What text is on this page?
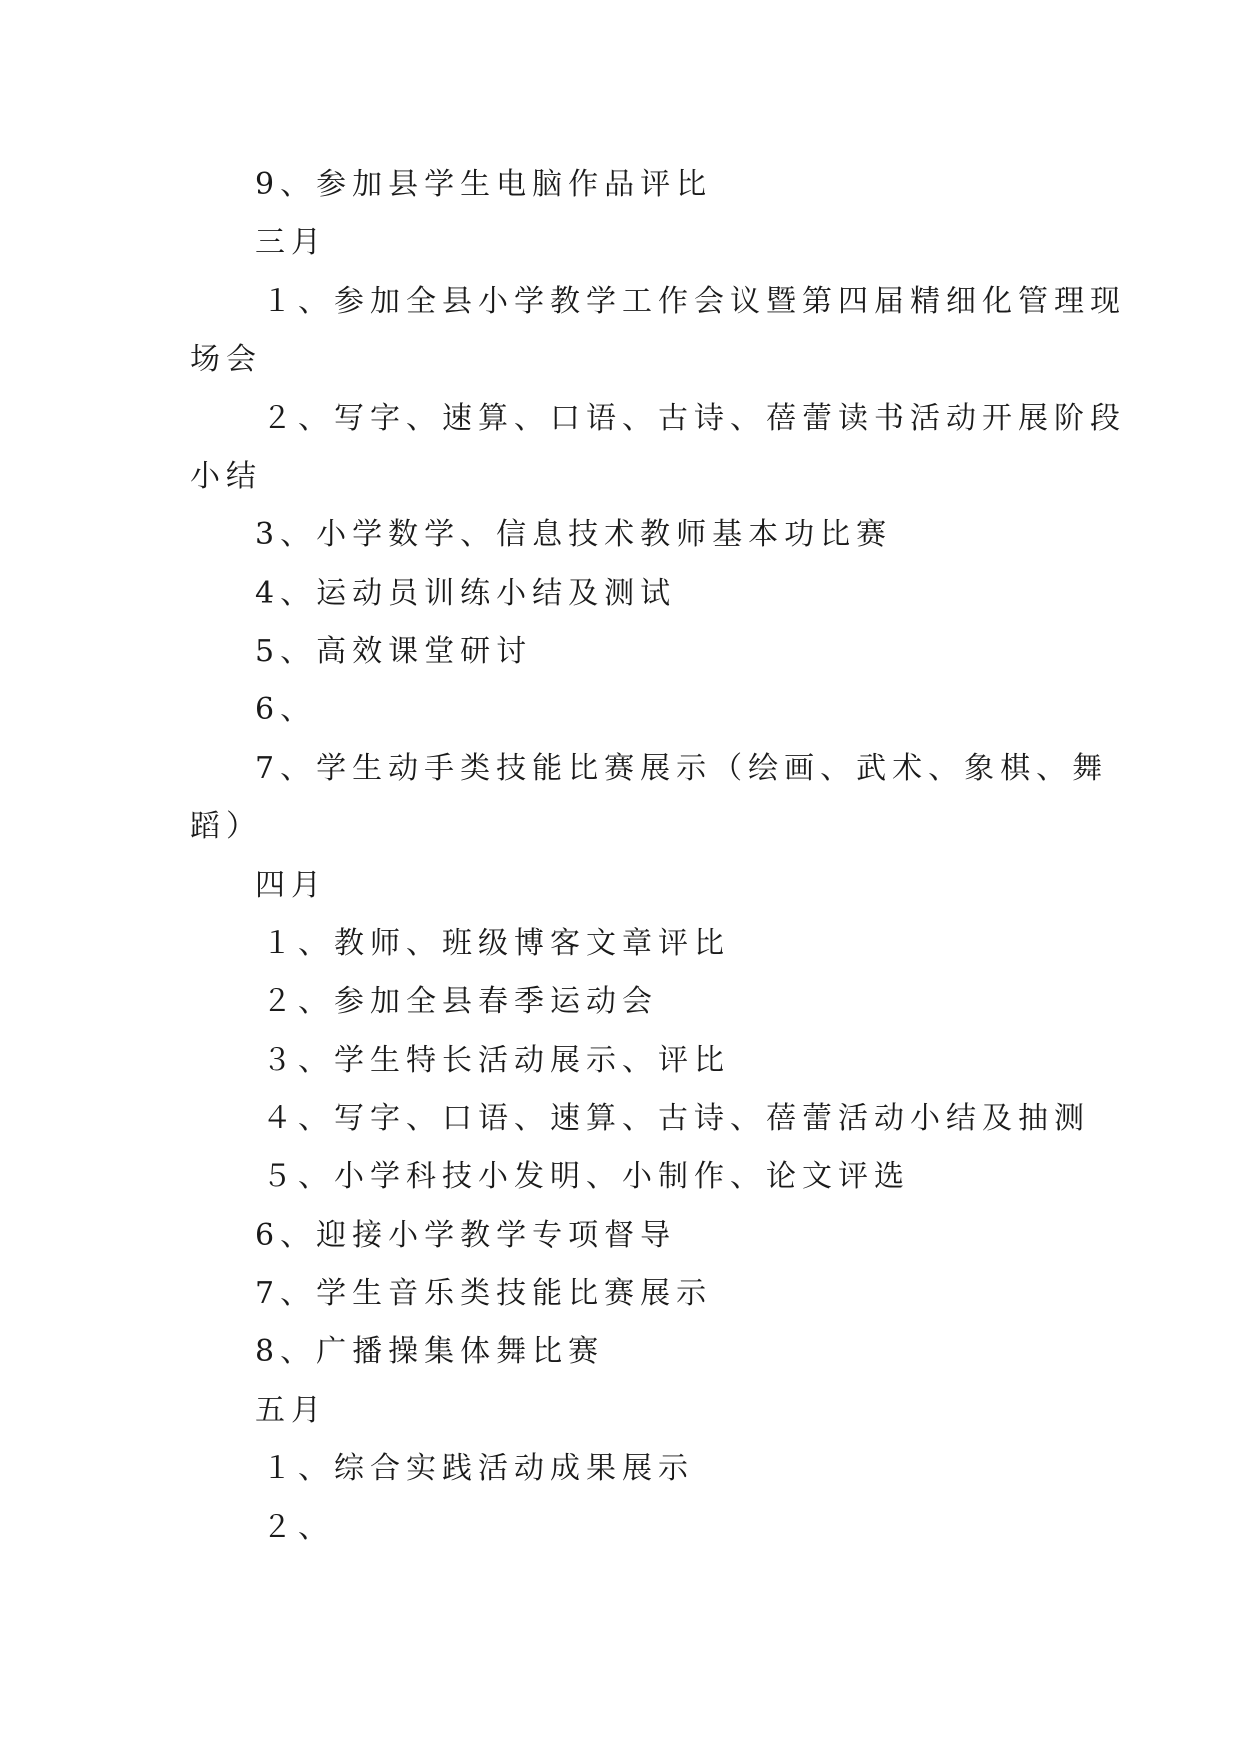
9、参加县学生电脑作品评比
三月
１、参加全县小学教学工作会议暨第四届精细化管理现
场会
２、写字、速算、口语、古诗、蓓蕾读书活动开展阶段
小结
3、小学数学、信息技术教师基本功比赛
4、运动员训练小结及测试
5、高效课堂研讨
6、
7、学生动手类技能比赛展示（绘画、武术、象棋、舞
蹈）
四月
１、教师、班级博客文章评比
２、参加全县春季运动会
３、学生特长活动展示、评比
４、写字、口语、速算、古诗、蓓蕾活动小结及抽测
５、小学科技小发明、小制作、论文评选
6、迎接小学教学专项督导
7、学生音乐类技能比赛展示
8、广播操集体舞比赛
五月
１、综合实践活动成果展示
２、
